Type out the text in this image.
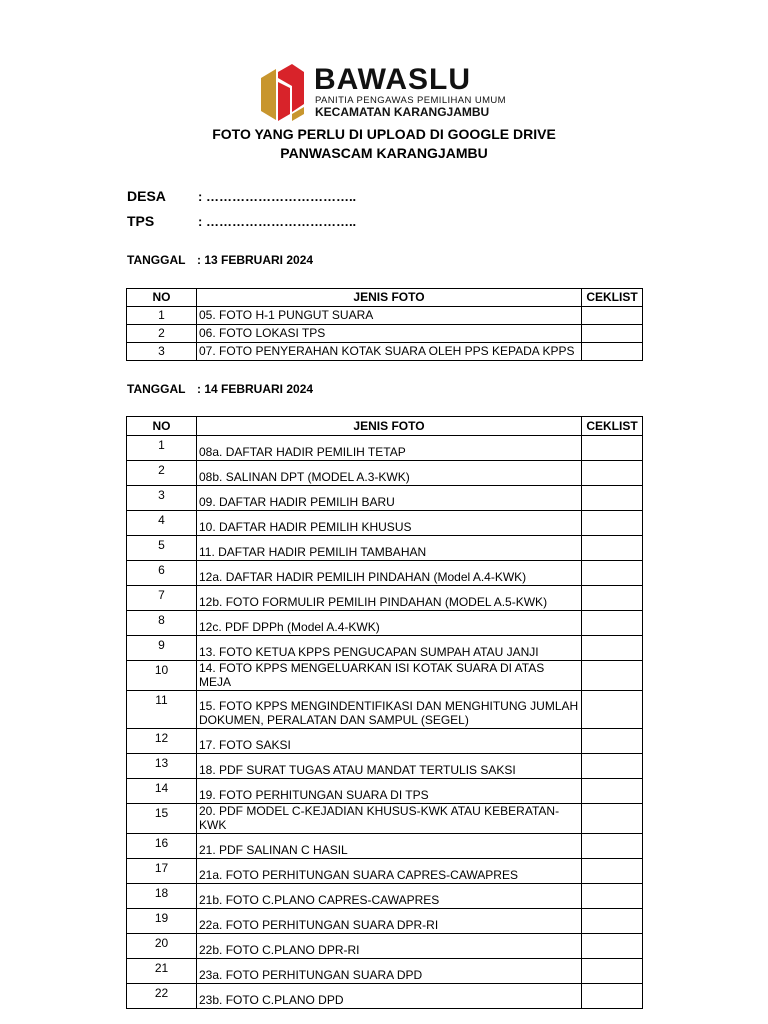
BAWASLU
PANITIA PENGAWAS PEMILIHAN UMUM
KECAMATAN KARANGJAMBU
FOTO YANG PERLU DI UPLOAD DI GOOGLE DRIVE
PANWASCAM KARANGJAMBU
DESA : ……………………………..
TPS	: ……………………………..
TANGGAL : 13 FEBRUARI 2024
NO	JENIS FOTO	CEKLIST
1	05. FOTO H-1 PUNGUT SUARA	
2	06. FOTO LOKASI TPS	
3	07. FOTO PENYERAHAN KOTAK SUARA OLEH PPS KEPADA KPPS	
TANGGAL : 14 FEBRUARI 2024
NO	JENIS FOTO	CEKLIST
1	08a. DAFTAR HADIR PEMILIH TETAP	
2	08b. SALINAN DPT (MODEL A.3-KWK)	
3	09. DAFTAR HADIR PEMILIH BARU	
4	10. DAFTAR HADIR PEMILIH KHUSUS	
5	11. DAFTAR HADIR PEMILIH TAMBAHAN	
6	12a. DAFTAR HADIR PEMILIH PINDAHAN (Model A.4-KWK)	
7	12b. FOTO FORMULIR PEMILIH PINDAHAN (MODEL A.5-KWK)	
8	12c. PDF DPPh (Model A.4-KWK)	
9	13. FOTO KETUA KPPS PENGUCAPAN SUMPAH ATAU JANJI	
10	14. FOTO KPPS MENGELUARKAN ISI KOTAK SUARA DI ATAS MEJA	
11	15. FOTO KPPS MENGINDENTIFIKASI DAN MENGHITUNG JUMLAH DOKUMEN, PERALATAN DAN SAMPUL (SEGEL)	
12	17. FOTO SAKSI	
13	18. PDF SURAT TUGAS ATAU MANDAT TERTULIS SAKSI	
14	19. FOTO PERHITUNGAN SUARA DI TPS	
15	20. PDF MODEL C-KEJADIAN KHUSUS-KWK ATAU KEBERATAN-KWK	
16	21. PDF SALINAN C HASIL	
17	21a. FOTO PERHITUNGAN SUARA CAPRES-CAWAPRES	
18	21b. FOTO C.PLANO CAPRES-CAWAPRES	
19	22a. FOTO PERHITUNGAN SUARA DPR-RI	
20	22b. FOTO C.PLANO DPR-RI	
21	23a. FOTO PERHITUNGAN SUARA DPD	
22	23b. FOTO C.PLANO DPD	
